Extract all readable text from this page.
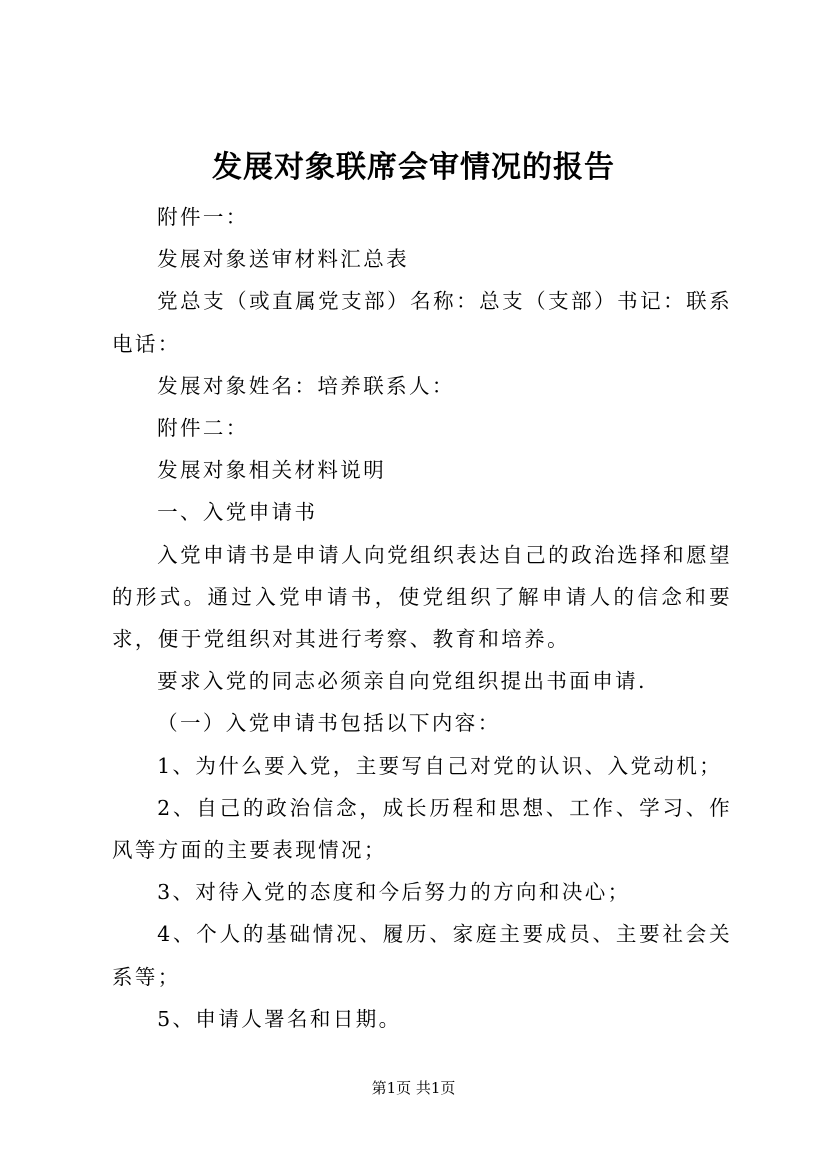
发展对象联席会审情况的报告

附件一：

发展对象送审材料汇总表

党总支（或直属党支部）名称：总支（支部）书记：联系电话：

发展对象姓名：培养联系人：

附件二：

发展对象相关材料说明

一、入党申请书

入党申请书是申请人向党组织表达自己的政治选择和愿望的形式。通过入党申请书，使党组织了解申请人的信念和要求，便于党组织对其进行考察、教育和培养。

要求入党的同志必须亲自向党组织提出书面申请.

（一）入党申请书包括以下内容：

1、为什么要入党，主要写自己对党的认识、入党动机；

2、自己的政治信念，成长历程和思想、工作、学习、作风等方面的主要表现情况；

3、对待入党的态度和今后努力的方向和决心；

4、个人的基础情况、履历、家庭主要成员、主要社会关系等；

5、申请人署名和日期。

第1页 共1页
